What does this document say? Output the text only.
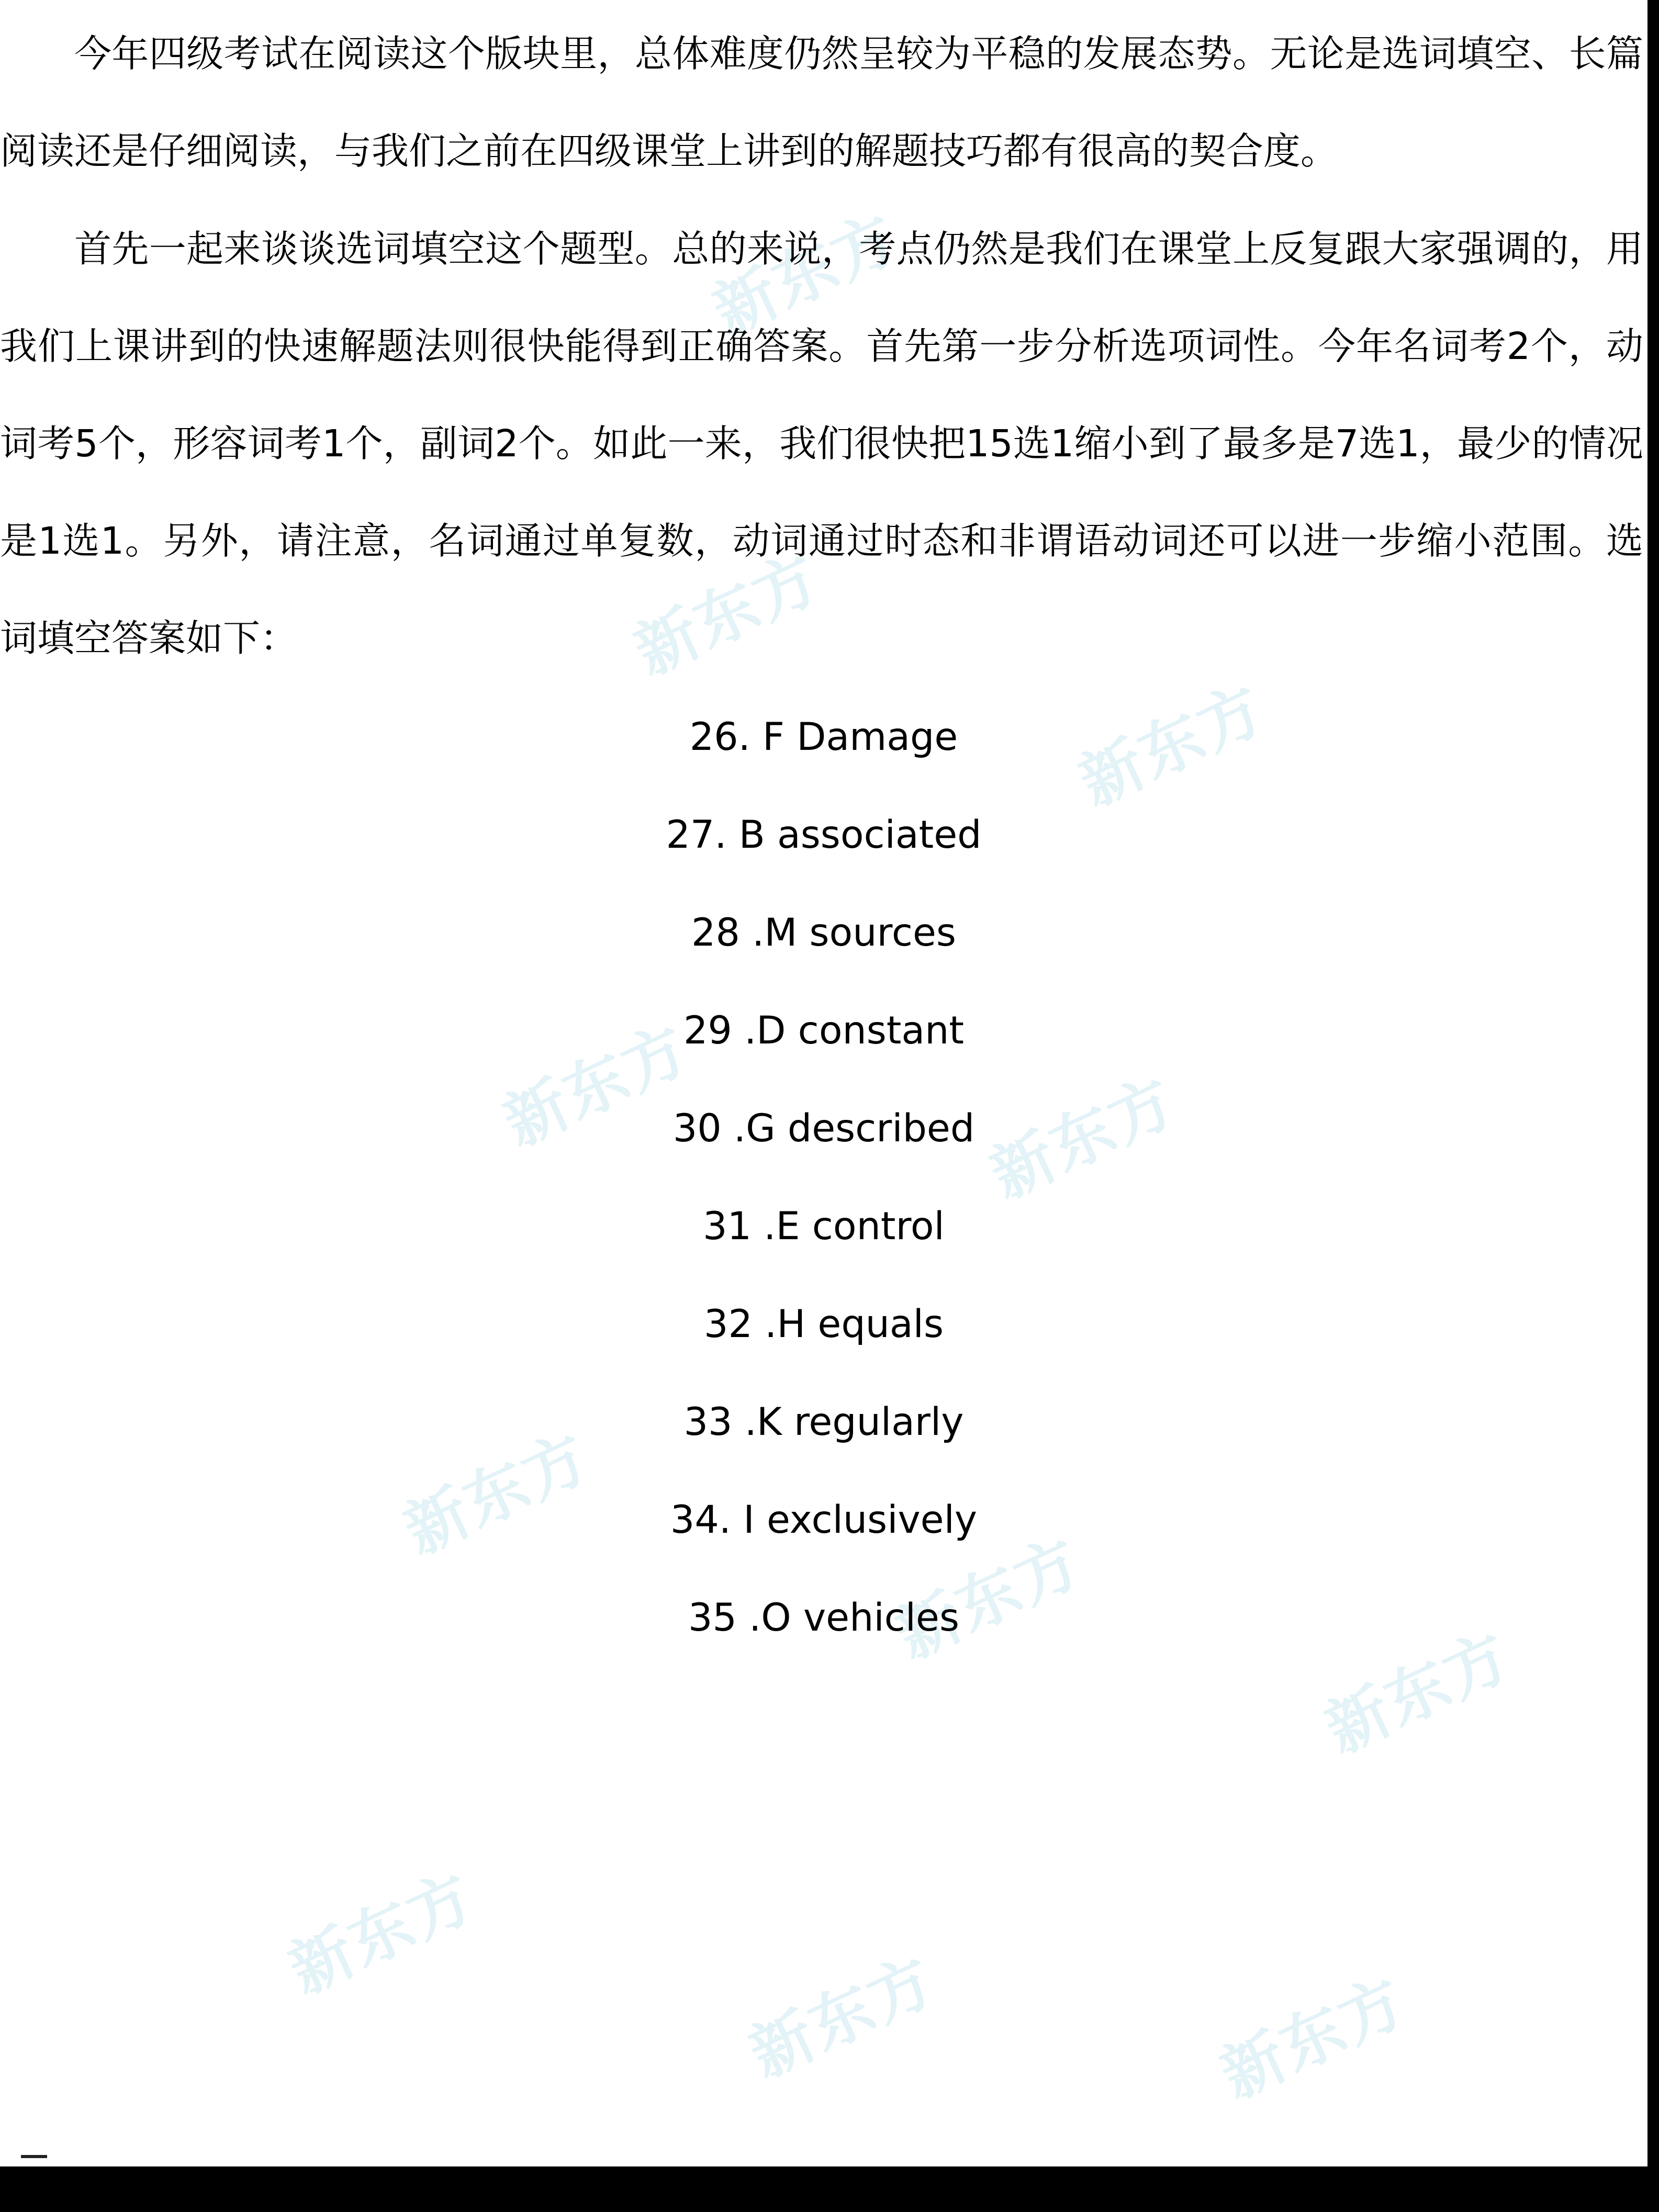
新东方
新东方
新东方
新东方	新东方
新东方
新东方
新东方
新东方
新东方	新东方

今年四级考试在阅读这个版块里，总体难度仍然呈较为平稳的发展态势。无论是选词填空、长篇阅读还是仔细阅读，与我们之前在四级课堂上讲到的解题技巧都有很高的契合度。

首先一起来谈谈选词填空这个题型。总的来说，考点仍然是我们在课堂上反复跟大家强调的，用我们上课讲到的快速解题法则很快能得到正确答案。首先第一步分析选项词性。今年名词考2个，动词考5个，形容词考1个，副词2个。如此一来，我们很快把15选1缩小到了最多是7选1，最少的情况是1选1。另外，请注意，名词通过单复数，动词通过时态和非谓语动词还可以进一步缩小范围。选词填空答案如下：

26. F Damage
27. B associated
28 .M sources
29 .D constant
30 .G described
31 .E control
32 .H equals
33 .K regularly
34. I exclusively
35 .O vehicles
